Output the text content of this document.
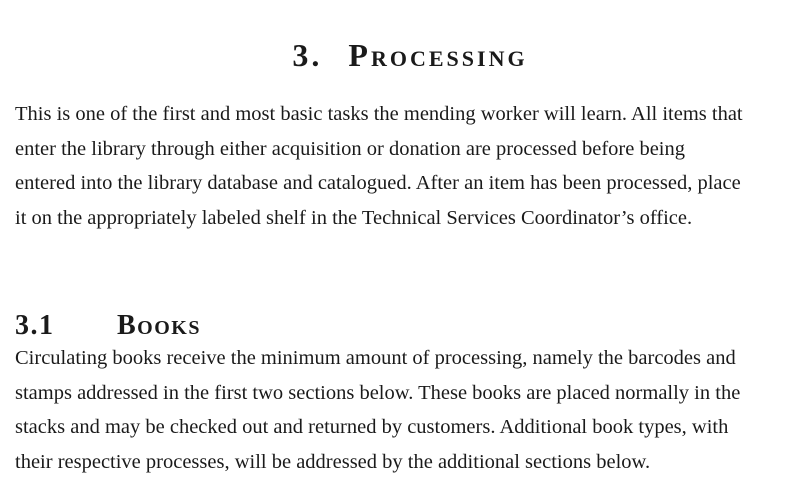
3. Processing

This is one of the first and most basic tasks the mending worker will learn. All items that
enter the library through either acquisition or donation are processed before being
entered into the library database and catalogued. After an item has been processed, place
it on the appropriately labeled shelf in the Technical Services Coordinator’s office.

3.1 Books

Circulating books receive the minimum amount of processing, namely the barcodes and
stamps addressed in the first two sections below. These books are placed normally in the
stacks and may be checked out and returned by customers. Additional book types, with
their respective processes, will be addressed by the additional sections below.
